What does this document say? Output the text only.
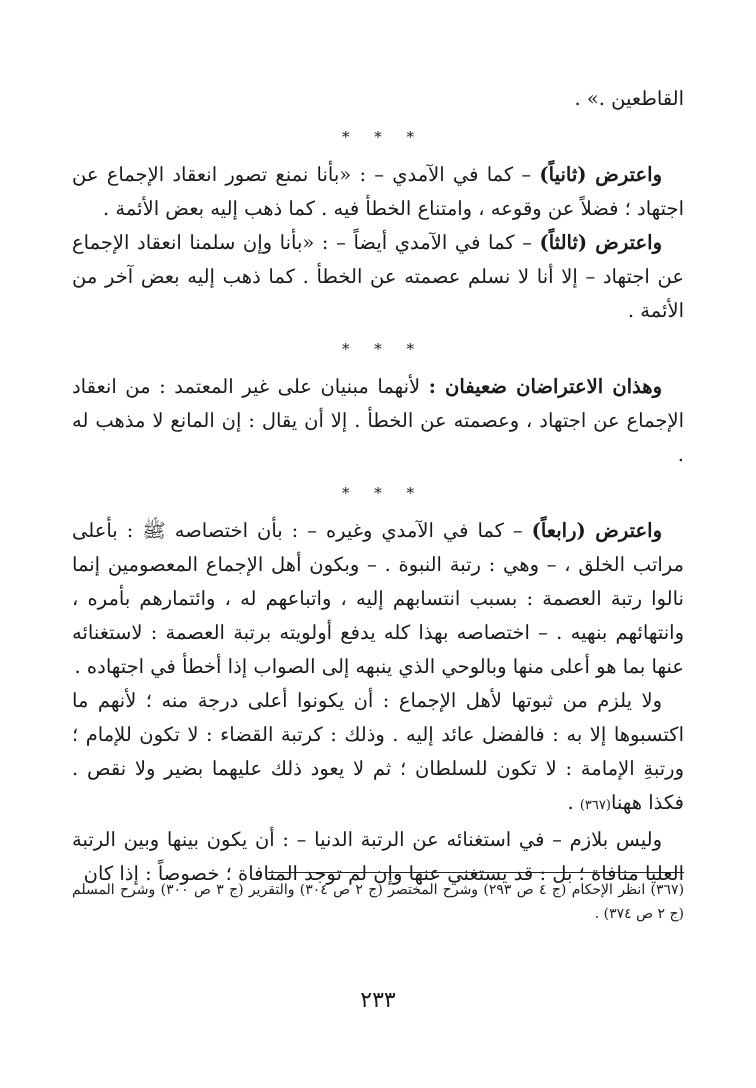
القاطعين .» .

* * *

واعترض (ثانياً) – كما في الآمدي – : «بأنا نمنع تصور انعقاد الإجماع عن اجتهاد ؛ فضلاً عن وقوعه ، وامتناع الخطأ فيه . كما ذهب إليه بعض الأئمة .

واعترض (ثالثاً) – كما في الآمدي أيضاً – : «بأنا وإن سلمنا انعقاد الإجماع عن اجتهاد – إلا أنا لا نسلم عصمته عن الخطأ . كما ذهب إليه بعض آخر من الأئمة .

* * *

وهذان الاعتراضان ضعيفان : لأنهما مبنيان على غير المعتمد : من انعقاد الإجماع عن اجتهاد ، وعصمته عن الخطأ . إلا أن يقال : إن المانع لا مذهب له .

* * *

واعترض (رابعاً) – كما في الآمدي وغيره – : بأن اختصاصه ﷺ : بأعلى مراتب الخلق ، – وهي : رتبة النبوة . – وبكون أهل الإجماع المعصومين إنما نالوا رتبة العصمة : بسبب انتسابهم إليه ، واتباعهم له ، وائتمارهم بأمره ، وانتهائهم بنهيه . – اختصاصه بهذا كله يدفع أولويته برتبة العصمة : لاستغنائه عنها بما هو أعلى منها وبالوحي الذي ينبهه إلى الصواب إذا أخطأ في اجتهاده .

ولا يلزم من ثبوتها لأهل الإجماع : أن يكونوا أعلى درجة منه ؛ لأنهم ما اكتسبوها إلا به : فالفضل عائد إليه . وذلك : كرتبة القضاء : لا تكون للإمام ؛ ورتبةِ الإمامة : لا تكون للسلطان ؛ ثم لا يعود ذلك عليهما بضير ولا نقص . فكذا ههنا(٣٦٧) .

وليس بلازم – في استغنائه عن الرتبة الدنيا – : أن يكون بينها وبين الرتبة العليا منافاة ؛ بل : قد يستغني عنها وإن لم توجد المنافاة ؛ خصوصاً : إذا كان

(٣٦٧) انظر الإحكام (ج ٤ ص ٢٩٣) وشرح المختصر (ج ٢ ص ٣٠٤) والتقرير (ج ٣ ص ٣٠٠) وشرح المسلم (ج ٢ ص ٣٧٤) .
٢٣٣
